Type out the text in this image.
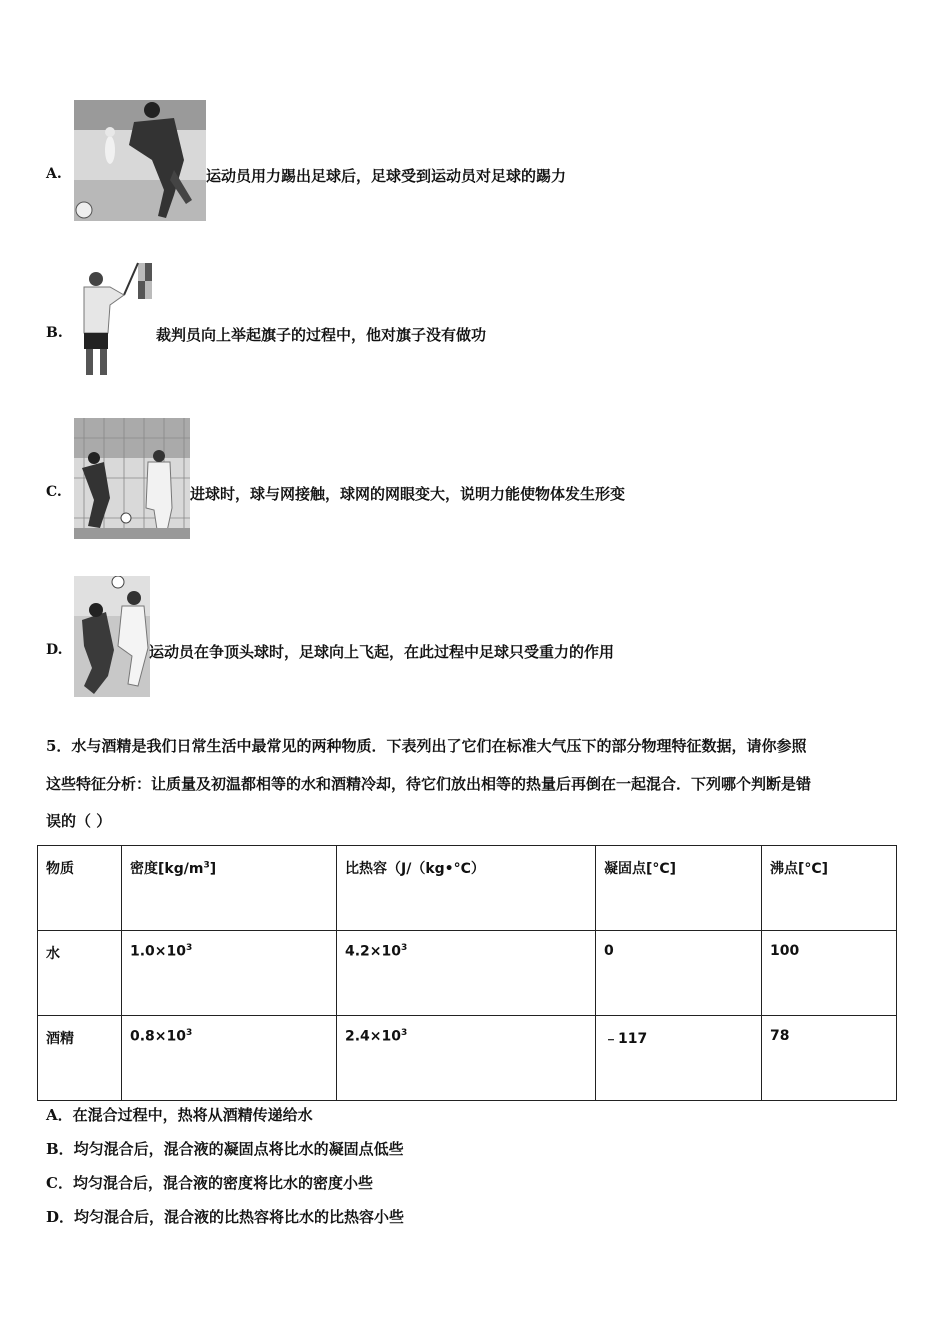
A.	运动员用力踢出足球后，足球受到运动员对足球的踢力
B.	裁判员向上举起旗子的过程中，他对旗子没有做功
C.	进球时，球与网接触，球网的网眼变大，说明力能使物体发生形变
D.	运动员在争顶头球时，足球向上飞起，在此过程中足球只受重力的作用
5．水与酒精是我们日常生活中最常见的两种物质．下表列出了它们在标准大气压下的部分物理特征数据，请你参照
这些特征分析：让质量及初温都相等的水和酒精冷却，待它们放出相等的热量后再倒在一起混合．下列哪个判断是错
误的（ ）
物质	密度$[kg/m^3]$	比热容（J/（kg•°C）	凝固点[°C]	沸点[°C]
水	$1.0\times 10^3$	$4.2\times 10^3$	0	100
酒精	$0.8\times 10^3$	$2.4\times 10^3$	﹣117	78
A．在混合过程中，热将从酒精传递给水
B．均匀混合后，混合液的凝固点将比水的凝固点低些
C．均匀混合后，混合液的密度将比水的密度小些
D．均匀混合后，混合液的比热容将比水的比热容小些
